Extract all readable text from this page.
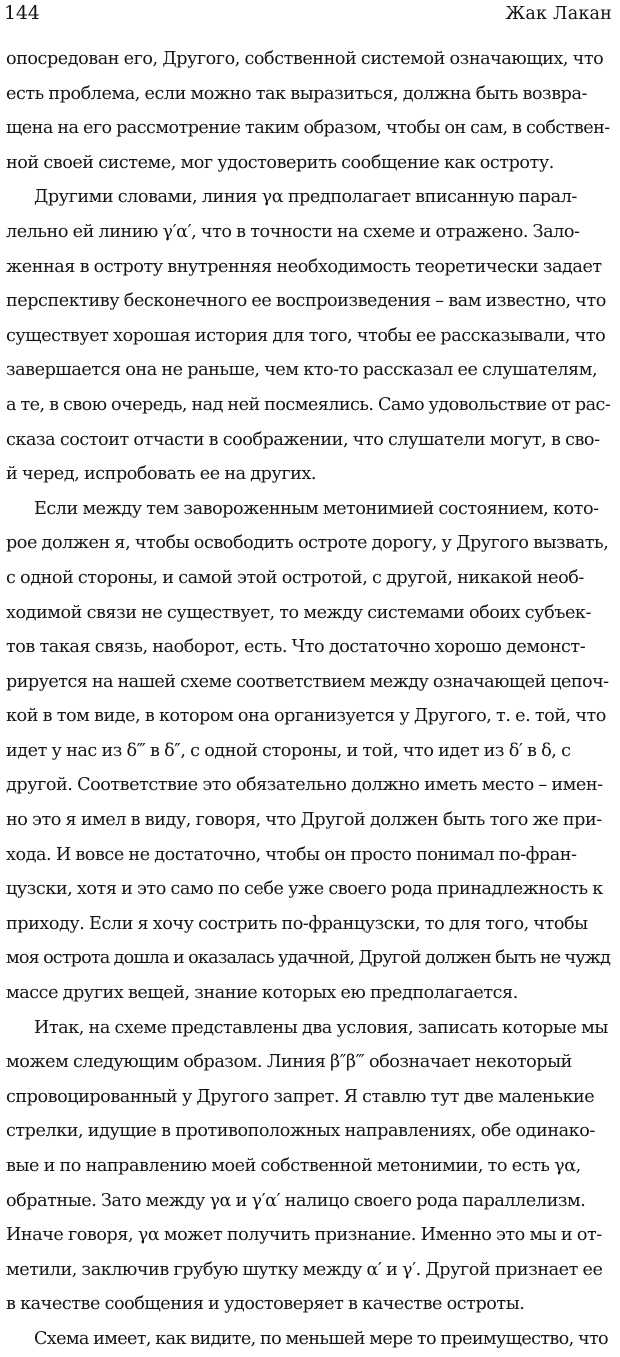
144	Жак Лакан
опосредован его, Другого, собственной системой означающих, что
есть проблема, если можно так выразиться, должна быть возвра-
щена на его рассмотрение таким образом, чтобы он сам, в собствен-
ной своей системе, мог удостоверить сообщение как остроту.
Другими словами, линия γα предполагает вписанную парал-
лельно ей линию γ′α′, что в точности на схеме и отражено. Зало-
женная в остроту внутренняя необходимость теоретически задает
перспективу бесконечного ее воспроизведения – вам известно, что
существует хорошая история для того, чтобы ее рассказывали, что
завершается она не раньше, чем кто-то рассказал ее слушателям,
а те, в свою очередь, над ней посмеялись. Само удовольствие от рас-
сказа состоит отчасти в соображении, что слушатели могут, в сво-
й черед, испробовать ее на других.
Если между тем завороженным метонимией состоянием, кото-
рое должен я, чтобы освободить остроте дорогу, у Другого вызвать,
с одной стороны, и самой этой остротой, с другой, никакой необ-
ходимой связи не существует, то между системами обоих субъек-
тов такая связь, наоборот, есть. Что достаточно хорошо демонст-
рируется на нашей схеме соответствием между означающей цепоч-
кой в том виде, в котором она организуется у Другого, т. е. той, что
идет у нас из δ‴ в δ″, с одной стороны, и той, что идет из δ′ в δ, с
другой. Соответствие это обязательно должно иметь место – имен-
но это я имел в виду, говоря, что Другой должен быть того же при-
хода. И вовсе не достаточно, чтобы он просто понимал по-фран-
цузски, хотя и это само по себе уже своего рода принадлежность к
приходу. Если я хочу сострить по-французски, то для того, чтобы
моя острота дошла и оказалась удачной, Другой должен быть не чужд
массе других вещей, знание которых ею предполагается.
Итак, на схеме представлены два условия, записать которые мы
можем следующим образом. Линия β″β‴ обозначает некоторый
спровоцированный у Другого запрет. Я ставлю тут две маленькие
стрелки, идущие в противоположных направлениях, обе одинако-
вые и по направлению моей собственной метонимии, то есть γα,
обратные. Зато между γα и γ′α′ налицо своего рода параллелизм.
Иначе говоря, γα может получить признание. Именно это мы и от-
метили, заключив грубую шутку между α′ и γ′. Другой признает ее
в качестве сообщения и удостоверяет в качестве остроты.
Схема имеет, как видите, по меньшей мере то преимущество, что
